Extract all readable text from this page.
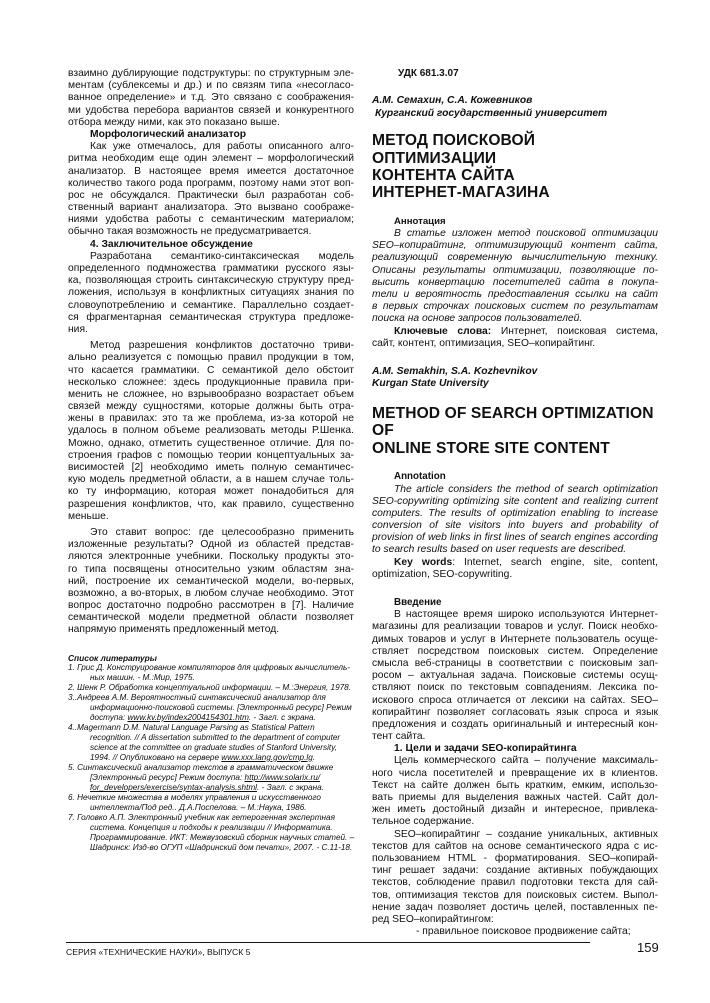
взаимно дублирующие подструктуры: по структурным эле-
ментам (сублексемы и др.) и по связям типа «несогласо-
ванное определение» и т.д. Это связано с соображения-
ми удобства перебора вариантов связей и конкурентного
отбора между ними, как это показано выше.
Морфологический анализатор
Как уже отмечалось, для работы описанного алго-
ритма необходим еще один элемент – морфологический
анализатор. В настоящее время имеется достаточное
количество такого рода программ, поэтому нами этот воп-
рос не обсуждался. Практически был разработан соб-
ственный вариант анализатора. Это вызвано соображе-
ниями удобства работы с семантическим материалом;
обычно такая возможность не предусматривается.
4. Заключительное обсуждение
Разработана семантико-синтаксическая модель
определенного подмножества грамматики русского язы-
ка, позволяющая строить синтаксическую структуру пред-
ложения, используя в конфликтных ситуациях знания по
словоупотреблению и семантике. Параллельно создает-
ся фрагментарная семантическая структура предложе-
ния.
Метод разрешения конфликтов достаточно триви-
ально реализуется с помощью правил продукции в том,
что касается грамматики. С семантикой дело обстоит
несколько сложнее: здесь продукционные правила при-
менить не сложнее, но взрывообразно возрастает объем
связей между сущностями, которые должны быть отра-
жены в правилах: это та же проблема, из-за которой не
удалось в полном объеме реализовать методы Р.Шенка.
Можно, однако, отметить существенное отличие. Для по-
строения графов с помощью теории концептуальных за-
висимостей [2] необходимо иметь полную семантичес-
кую модель предметной области, а в нашем случае толь-
ко ту информацию, которая может понадобиться для
разрешения конфликтов, что, как правило, существенно
меньше.
Это ставит вопрос: где целесообразно применить
изложенные результаты? Одной из областей представ-
ляются электронные учебники. Поскольку продукты это-
го типа посвящены относительно узким областям зна-
ний, построение их семантической модели, во-первых,
возможно, а во-вторых, в любом случае необходимо. Этот
вопрос достаточно подробно рассмотрен в [7]. Наличие
семантической модели предметной области позволяет
напрямую применять предложенный метод.
Список литературы
1. Грис Д. Конструирование компиляторов для цифровых вычислитель-
ных машин. - М.:Мир, 1975.
2. Шенк Р. Обработка концептуальной информации. – М.:Энергия, 1978.
3..Андреев А.М. Вероятностный синтаксический анализатор для
информационно-поисковой системы. [Электронный ресурс] Режим
доступа: www.kv.by/index2004154301.htm. - Загл. с экрана.
4..Magermann D.M. Natural Language Parsing as Statistical Pattern
recognition. // A dissertation submitted to the department of computer
science at the committee on graduate studies of Stanford University,
1994. // Опубликовано на сервере www.xxx.lang.gov/cmp.lg.
5. Синтаксический анализатор текстов в грамматическом движке
[Электронный ресурс] Режим доступа: http://www.solarix.ru/
for_developers/exercise/syntax-analysis.shtml. - Загл. с экрана.
6. Нечеткие множества в моделях управления и искусственного
интеллекта/Под ред.. Д.А.Поспелова. – М.:Наука, 1986.
7. Головко А.П. Электронный учебник как гетерогенная экспертная
система. Концепция и подходы к реализации // Информатика.
Программирование. ИКТ: Межвузовский сборник научных статей. –
Шадринск: Изд-во ОГУП «Шадринский дом печати», 2007. - С.11-18.
УДК 681.3.07
А.М. Семахин, С.А. Кожевников
Курганский государственный университет
МЕТОД ПОИСКОВОЙ ОПТИМИЗАЦИИ
КОНТЕНТА САЙТА
ИНТЕРНЕТ-МАГАЗИНА
Аннотация
В статье изложен метод поисковой оптимизации
SEO–копирайтинг, оптимизирующий контент сайта,
реализующий современную вычислительную технику.
Описаны результаты оптимизации, позволяющие по-
высить конвертацию посетителей сайта в покупа-
тели и вероятность предоставления ссылки на сайт
в первых строчках поисковых систем по результатам
поиска на основе запросов пользователей.
Ключевые слова: Интернет, поисковая система,
сайт, контент, оптимизация, SEO–копирайтинг.
A.M. Semakhin, S.A. Kozhevnikov
Kurgan State University
METHOD OF SEARCH OPTIMIZATION OF
ONLINE STORE SITE CONTENT
Annotation
The article considers the method of search optimization
SEO-copywriting optimizing site content and realizing current
computers. The results of optimization enabling to increase
conversion of site visitors into buyers and probability of
provision of web links in first lines of search engines according
to search results based on user requests are described.
Key words: Internet, search engine, site, content,
optimization, SEO-copywriting.
Введение
В настоящее время широко используются Интернет-
магазины для реализации товаров и услуг. Поиск необхо-
димых товаров и услуг в Интернете пользователь осуще-
ствляет посредством поисковых систем. Определение
смысла веб-страницы в соответствии с поисковым зап-
росом – актуальная задача. Поисковые системы осущ-
ствляют поиск по текстовым совпадениям. Лексика по-
искового спроса отличается от лексики на сайтах. SEO–
копирайтинг позволяет согласовать язык спроса и язык
предложения и создать оригинальный и интересный кон-
тент сайта.
1. Цели и задачи SEO-копирайтинга
Цель коммерческого сайта – получение максималь-
ного числа посетителей и превращение их в клиентов.
Текст на сайте должен быть кратким, емким, использо-
вать приемы для выделения важных частей. Сайт дол-
жен иметь достойный дизайн и интересное, привлека-
тельное содержание.
SEO–копирайтинг – создание уникальных, активных
текстов для сайтов на основе семантического ядра с ис-
пользованием HTML - форматирования. SEO–копирай-
тинг решает задачи: создание активных побуждающих
текстов, соблюдение правил подготовки текста для сай-
тов, оптимизация текстов для поисковых систем. Выпол-
нение задач позволяет достичь целей, поставленных пе-
ред SEO–копирайтингом:
- правильное поисковое продвижение сайта;
СЕРИЯ «ТЕХНИЧЕСКИЕ НАУКИ», ВЫПУСК 5	159
